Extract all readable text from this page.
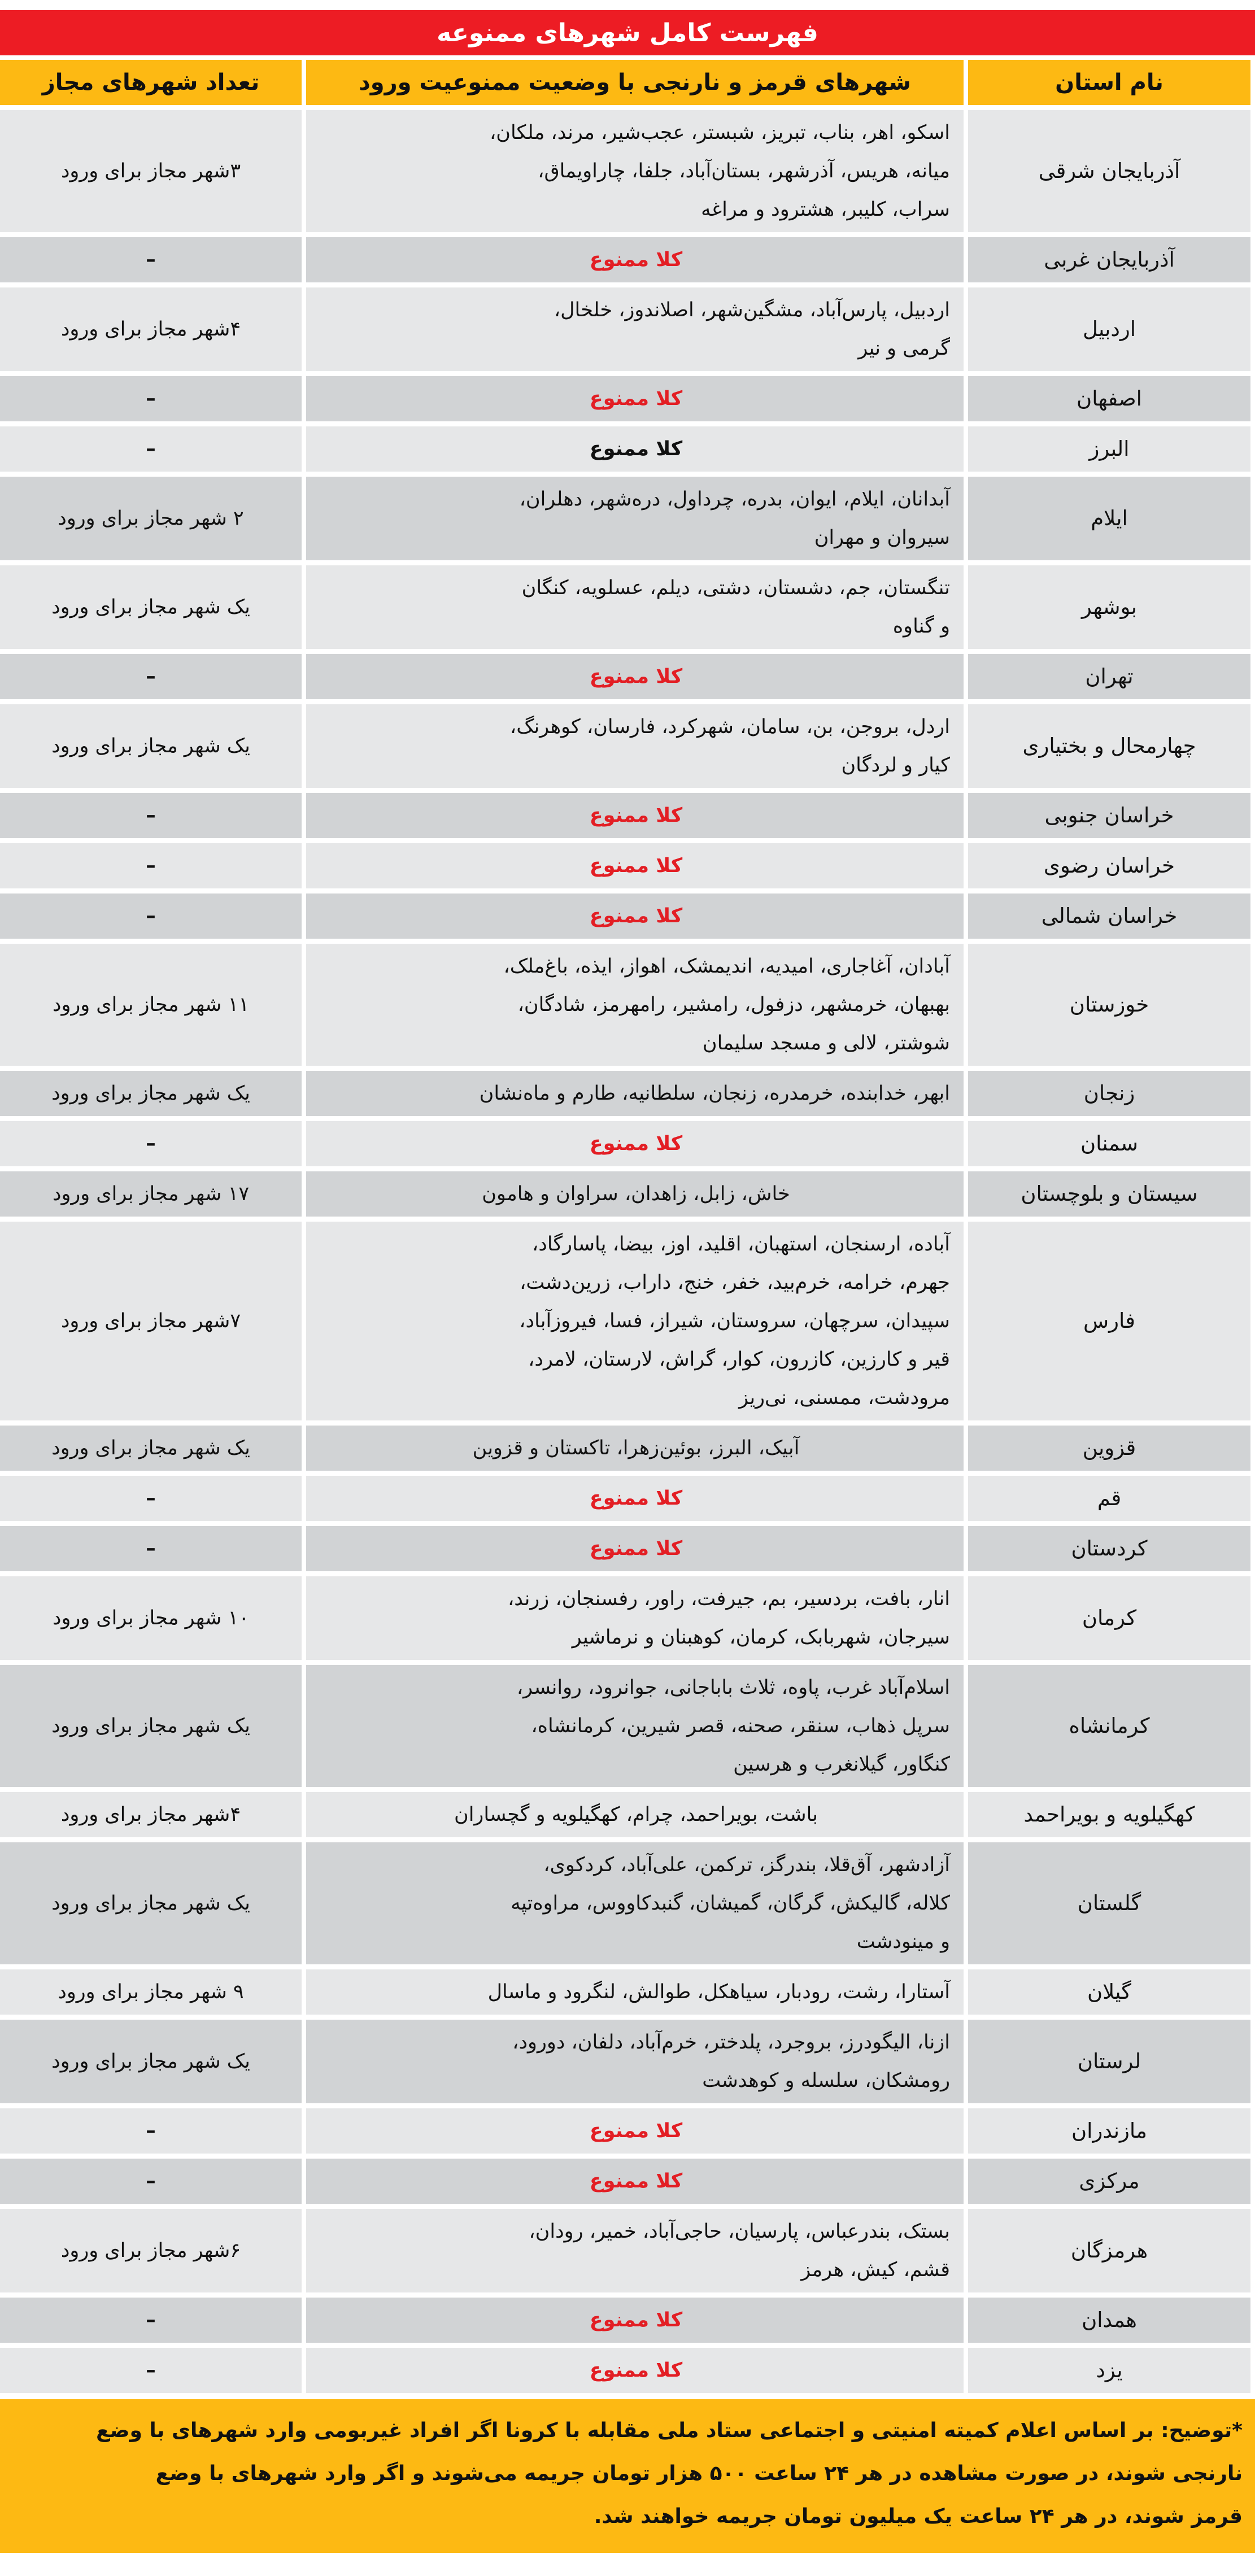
فهرست کامل شهرهای ممنوعه
نام استان	شهرهای قرمز و نارنجی با وضعیت ممنوعیت ورود	تعداد شهرهای مجاز
آذربایجان شرقی	اسکو، اهر، بناب، تبریز، شبستر، عجب‌شیر، مرند، ملکان،
میانه، هریس، آذرشهر، بستان‌آباد، جلفا، چاراویماق،
سراب، کلیبر، هشترود و مراغه	۳شهر مجاز برای ورود
آذربایجان غربی	کلا ممنوع	–
اردبیل	اردبیل، پارس‌آباد، مشگین‌شهر، اصلاندوز، خلخال،
گرمی و نیر	۴شهر مجاز برای ورود
اصفهان	کلا ممنوع	–
البرز	کلا ممنوع	–
ایلام	آبدانان، ایلام، ایوان، بدره، چرداول، دره‌شهر، دهلران،
سیروان و مهران	۲ شهر مجاز برای ورود
بوشهر	تنگستان، جم، دشستان، دشتی، دیلم، عسلویه، کنگان
و گناوه	یک شهر مجاز برای ورود
تهران	کلا ممنوع	–
چهارمحال و بختیاری	اردل، بروجن، بن، سامان، شهرکرد، فارسان، کوهرنگ،
کیار و لردگان	یک شهر مجاز برای ورود
خراسان جنوبی	کلا ممنوع	–
خراسان رضوی	کلا ممنوع	–
خراسان شمالی	کلا ممنوع	–
خوزستان	آبادان، آغاجاری، امیدیه، اندیمشک، اهواز، ایذه، باغ‌ملک،
بهبهان، خرمشهر، دزفول، رامشیر، رامهرمز، شادگان،
شوشتر، لالی و مسجد سلیمان	۱۱ شهر مجاز برای ورود
زنجان	ابهر، خدابنده، خرمدره، زنجان، سلطانیه، طارم و ماه‌نشان	یک شهر مجاز برای ورود
سمنان	کلا ممنوع	–
سیستان و بلوچستان	خاش، زابل، زاهدان، سراوان و هامون	۱۷ شهر مجاز برای ورود
فارس	آباده، ارسنجان، استهبان، اقلید، اوز، بیضا، پاسارگاد،
جهرم، خرامه، خرم‌بید، خفر، خنج، داراب، زرین‌دشت،
سپیدان، سرچهان، سروستان، شیراز، فسا، فیروزآباد،
قیر و کارزین، کازرون، کوار، گراش، لارستان، لامرد،
مرودشت، ممسنی، نی‌ریز	۷شهر مجاز برای ورود
قزوین	آبیک، البرز، بوئین‌زهرا، تاکستان و قزوین	یک شهر مجاز برای ورود
قم	کلا ممنوع	–
کردستان	کلا ممنوع	–
کرمان	انار، بافت، بردسیر، بم، جیرفت، راور، رفسنجان، زرند،
سیرجان، شهربابک، کرمان، کوهبنان و نرماشیر	۱۰ شهر مجاز برای ورود
کرمانشاه	اسلام‌آباد غرب، پاوه، ثلاث باباجانی، جوانرود، روانسر،
سرپل ذهاب، سنقر، صحنه، قصر شیرین، کرمانشاه،
کنگاور، گیلانغرب و هرسین	یک شهر مجاز برای ورود
کهگیلویه و بویراحمد	باشت، بویراحمد، چرام، کهگیلویه و گچساران	۴شهر مجاز برای ورود
گلستان	آزادشهر، آق‌قلا، بندرگز، ترکمن، علی‌آباد، کردکوی،
کلاله، گالیکش، گرگان، گمیشان، گنبدکاووس، مراوه‌تپه
و مینودشت	یک شهر مجاز برای ورود
گیلان	آستارا، رشت، رودبار، سیاهکل، طوالش، لنگرود و ماسال	۹ شهر مجاز برای ورود
لرستان	ازنا، الیگودرز، بروجرد، پلدختر، خرم‌آباد، دلفان، دورود،
رومشکان، سلسله و کوهدشت	یک شهر مجاز برای ورود
مازندران	کلا ممنوع	–
مرکزی	کلا ممنوع	–
هرمزگان	بستک، بندرعباس، پارسیان، حاجی‌آباد، خمیر، رودان،
قشم، کیش، هرمز	۶شهر مجاز برای ورود
همدان	کلا ممنوع	–
یزد	کلا ممنوع	–
*توضیح: بر اساس اعلام کمیته امنیتی و اجتماعی ستاد ملی مقابله با کرونا اگر افراد غیربومی وارد شهرهای با وضع
نارنجی شوند، در صورت مشاهده در هر ۲۴ ساعت ۵۰۰ هزار تومان جریمه می‌شوند و اگر وارد شهرهای با وضع
قرمز شوند، در هر ۲۴ ساعت یک میلیون تومان جریمه خواهند شد.
